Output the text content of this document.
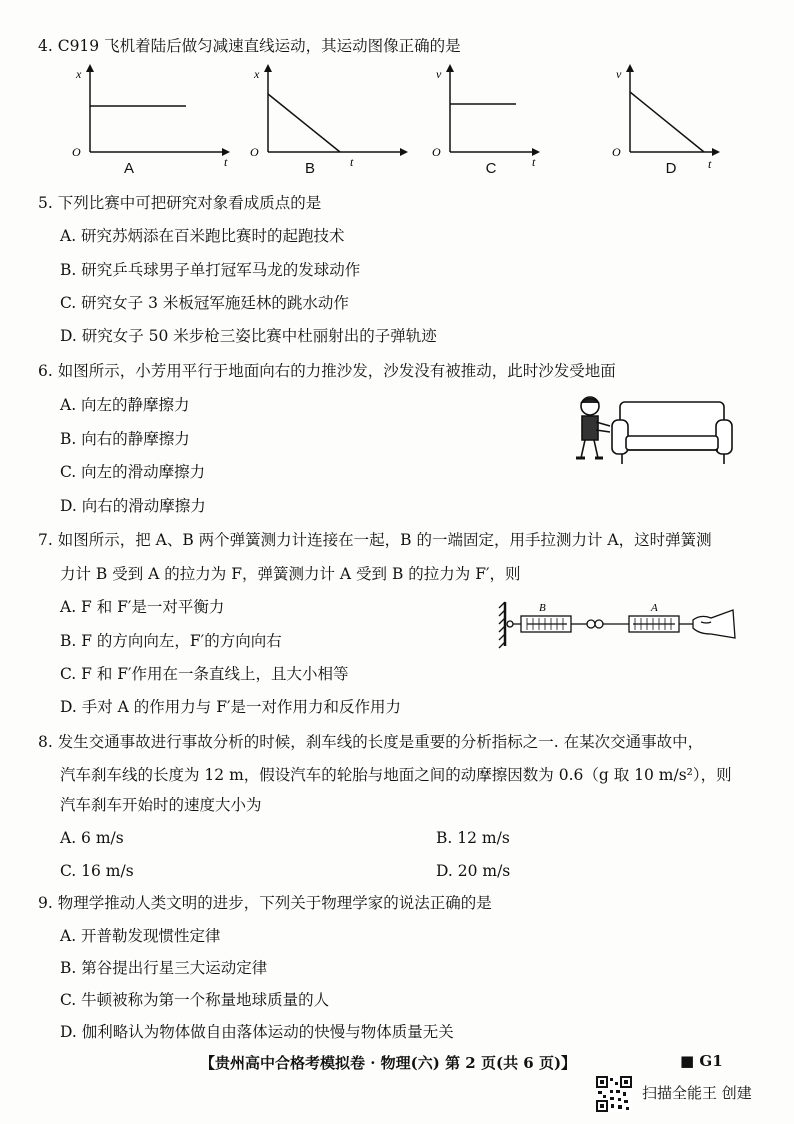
4. C919 飞机着陆后做匀减速直线运动，其运动图像正确的是
x
O
t
A
x
O
t
B
v
O
t
C
v
O
t
D
5. 下列比赛中可把研究对象看成质点的是
A. 研究苏炳添在百米跑比赛时的起跑技术
B. 研究乒乓球男子单打冠军马龙的发球动作
C. 研究女子 3 米板冠军施廷林的跳水动作
D. 研究女子 50 米步枪三姿比赛中杜丽射出的子弹轨迹
6. 如图所示，小芳用平行于地面向右的力推沙发，沙发没有被推动，此时沙发受地面
A. 向左的静摩擦力
B. 向右的静摩擦力
C. 向左的滑动摩擦力
D. 向右的滑动摩擦力
7. 如图所示，把 A、B 两个弹簧测力计连接在一起，B 的一端固定，用手拉测力计 A，这时弹簧测
力计 B 受到 A 的拉力为 F，弹簧测力计 A 受到 B 的拉力为 F′，则
A. F 和 F′是一对平衡力
B. F 的方向向左，F′的方向向右
C. F 和 F′作用在一条直线上，且大小相等
D. 手对 A 的作用力与 F′是一对作用力和反作用力
B	A
8. 发生交通事故进行事故分析的时候，刹车线的长度是重要的分析指标之一. 在某次交通事故中，
汽车刹车线的长度为 12 m，假设汽车的轮胎与地面之间的动摩擦因数为 0.6（g 取 10 m/s²），则
汽车刹车开始时的速度大小为
A. 6 m/s	B. 12 m/s
C. 16 m/s	D. 20 m/s
9. 物理学推动人类文明的进步，下列关于物理学家的说法正确的是
A. 开普勒发现惯性定律
B. 第谷提出行星三大运动定律
C. 牛顿被称为第一个称量地球质量的人
D. 伽利略认为物体做自由落体运动的快慢与物体质量无关
【贵州高中合格考模拟卷 · 物理(六) 第 2 页(共 6 页)】	■ G1
扫描全能王 创建
